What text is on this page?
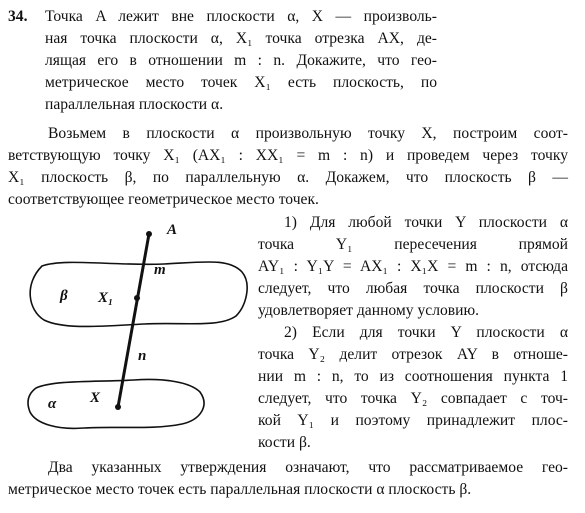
34. Точка A лежит вне плоскости α, X — произволь-
ная точка плоскости α, X₁ точка отрезка AX, де-
лящая его в отношении m : n. Докажите, что гео-
метрическое место точек X₁ есть плоскость, по
параллельная плоскости α.
Возьмем в плоскости α произвольную точку X, построим соот-
ветствующую точку X₁ (AX₁ : XX₁ = m : n) и проведем через точку
X₁ плоскость β, по параллельную α. Докажем, что плоскость β —
соответствующее геометрическое место точек.
1) Для любой точки Y плоскости α
точка Y₁ пересечения прямой
AY₁ : Y₁Y = AX₁ : X₁X = m : n, отсюда
следует, что любая точка плоскости β
удовлетворяет данному условию.
2) Если для точки Y плоскости α
точка Y₂ делит отрезок AY в отноше-
нии m : n, то из соотношения пункта 1
следует, что точка Y₂ совпадает с точ-
кой Y₁ и поэтому принадлежит плос-
кости β.
Два указанных утверждения означают, что рассматриваемое гео-
метрическое место точек есть параллельная плоскости α плоскость β.
A
m
β X₁
n
α X
